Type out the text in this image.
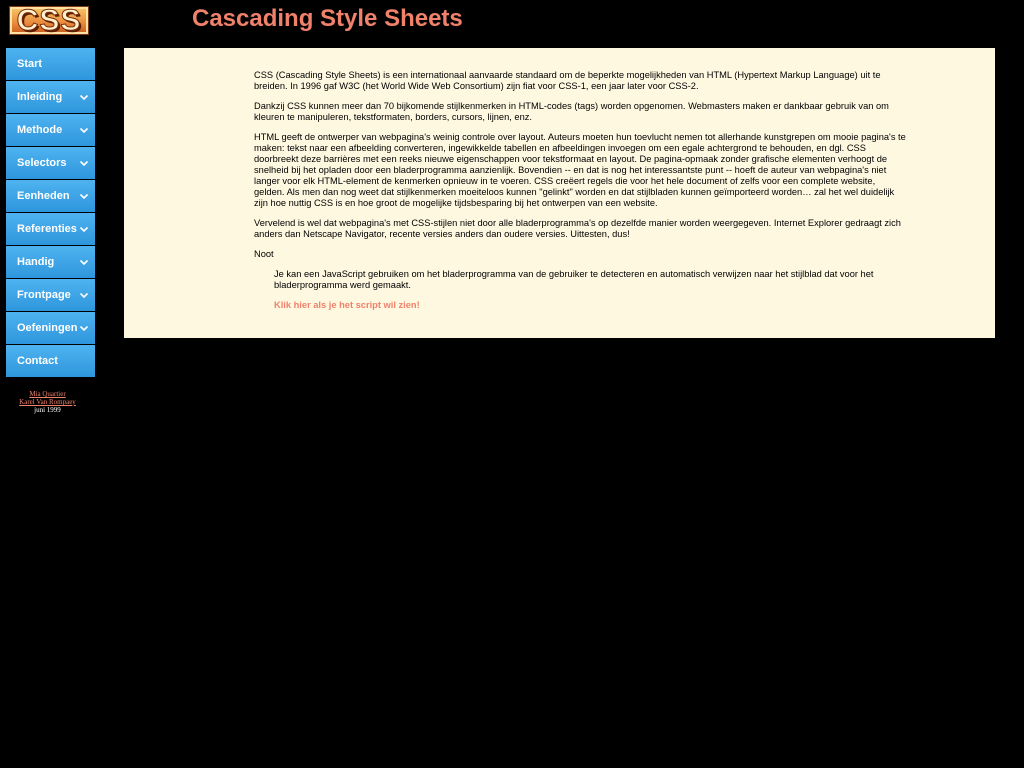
CSS	Cascading Style Sheets
Start
Inleiding
Methode
Selectors
Eenheden
Referenties
Handig
Frontpage
Oefeningen
Contact
Mia Quartier
Karel Van Rompaey
juni 1999

CSS (Cascading Style Sheets) is een internationaal aanvaarde standaard om de beperkte mogelijkheden van HTML (Hypertext Markup Language) uit te breiden. In 1996 gaf W3C (het World Wide Web Consortium) zijn fiat voor CSS-1, een jaar later voor CSS-2.

Dankzij CSS kunnen meer dan 70 bijkomende stijlkenmerken in HTML-codes (tags) worden opgenomen. Webmasters maken er dankbaar gebruik van om kleuren te manipuleren, tekstformaten, borders, cursors, lijnen, enz.

HTML geeft de ontwerper van webpagina's weinig controle over layout. Auteurs moeten hun toevlucht nemen tot allerhande kunstgrepen om mooie pagina's te maken: tekst naar een afbeelding converteren, ingewikkelde tabellen en afbeeldingen invoegen om een egale achtergrond te behouden, en dgl. CSS doorbreekt deze barrières met een reeks nieuwe eigenschappen voor tekstformaat en layout. De pagina-opmaak zonder grafische elementen verhoogt de snelheid bij het opladen door een bladerprogramma aanzienlijk. Bovendien -- en dat is nog het interessantste punt -- hoeft de auteur van webpagina's niet langer voor elk HTML-element de kenmerken opnieuw in te voeren. CSS creëert regels die voor het hele document of zelfs voor een complete website, gelden. Als men dan nog weet dat stijlkenmerken moeiteloos kunnen "gelinkt" worden en dat stijlbladen kunnen geïmporteerd worden… zal het wel duidelijk zijn hoe nuttig CSS is en hoe groot de mogelijke tijdsbesparing bij het ontwerpen van een website.

Vervelend is wel dat webpagina's met CSS-stijlen niet door alle bladerprogramma's op dezelfde manier worden weergegeven. Internet Explorer gedraagt zich anders dan Netscape Navigator, recente versies anders dan oudere versies. Uittesten, dus!

Noot

Je kan een JavaScript gebruiken om het bladerprogramma van de gebruiker te detecteren en automatisch verwijzen naar het stijlblad dat voor het bladerprogramma werd gemaakt.

Klik hier als je het script wil zien!
